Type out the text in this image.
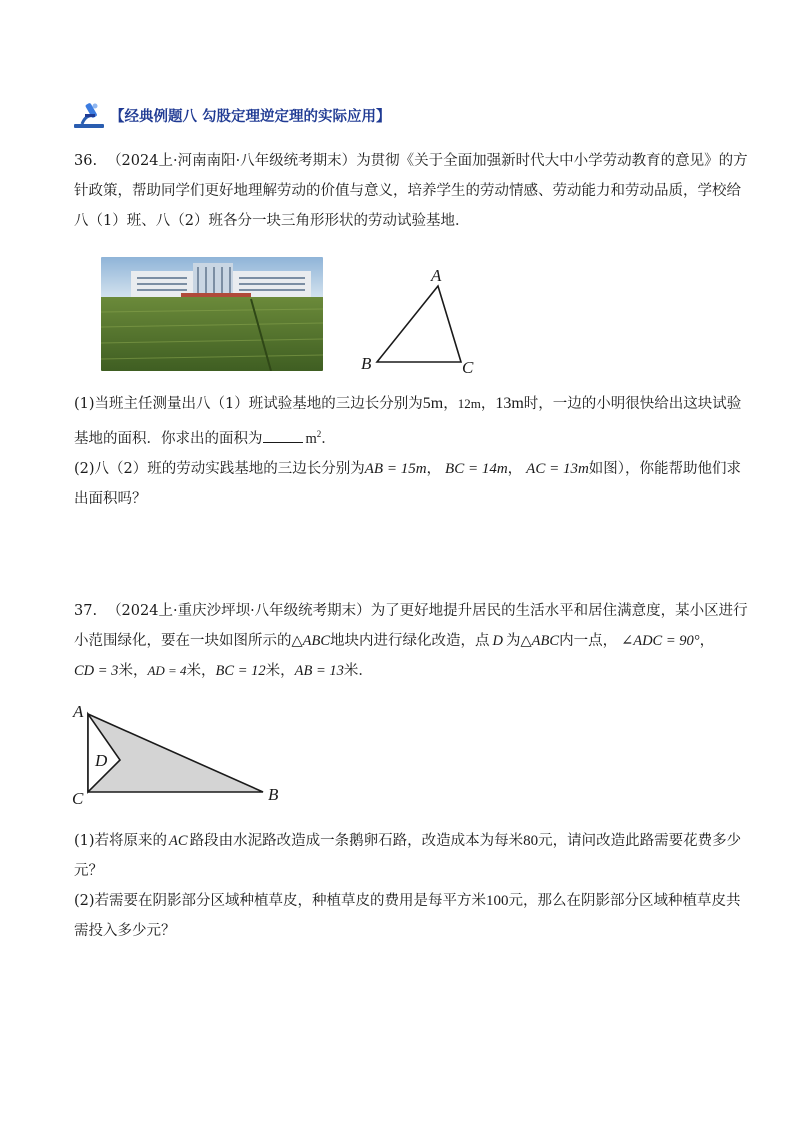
【经典例题八 勾股定理逆定理的实际应用】
36. （2024上·河南南阳·八年级统考期末）为贯彻《关于全面加强新时代大中小学劳动教育的意见》的方
针政策，帮助同学们更好地理解劳动的价值与意义，培养学生的劳动情感、劳动能力和劳动品质，学校给
八（1）班、八（2）班各分一块三角形形状的劳动试验基地．
A
B	C
(1)当班主任测量出八（1）班试验基地的三边长分别为5m，12m，13m时，一边的小明很快给出这块试验
基地的面积．你求出的面积为	$m^2$．
(2)八（2）班的劳动实践基地的三边长分别为AB = 15m， BC = 14m， AC = 13m如图），你能帮助他们求
出面积吗？
37. （2024上·重庆沙坪坝·八年级统考期末）为了更好地提升居民的生活水平和居住满意度，某小区进行
小范围绿化，要在一块如图所示的△ABC地块内进行绿化改造，点 D 为△ABC内一点， ∠ADC = 90°，
CD = 3米，AD = 4米，BC = 12米，AB = 13米．
A
D
C	B
(1)若将原来的 AC 路段由水泥路改造成一条鹅卵石路，改造成本为每米80元，请问改造此路需要花费多少
元？
(2)若需要在阴影部分区域种植草皮，种植草皮的费用是每平方米100元，那么在阴影部分区域种植草皮共
需投入多少元？
